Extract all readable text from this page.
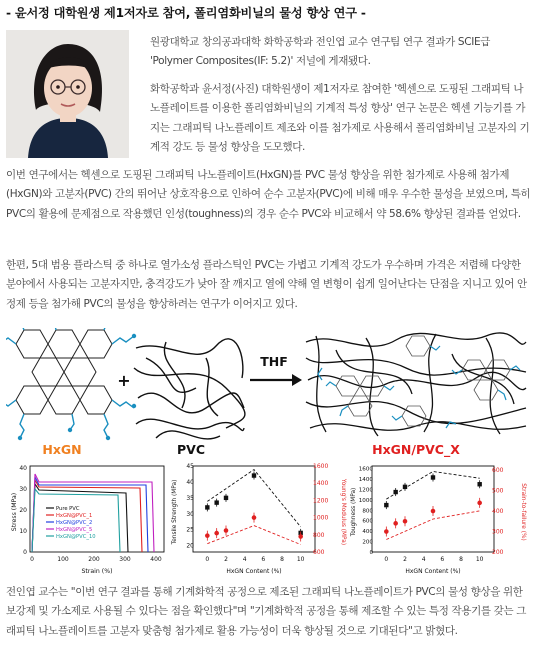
- 윤서정 대학원생 제1저자로 참여, 폴리염화비닐의 물성 향상 연구 -
원광대학교 창의공과대학 화학공학과 전인엽 교수 연구팀 연구 결과가 SCIE급 'Polymer Composites(IF: 5.2)' 저널에 게재됐다.
화학공학과 윤서정(사진) 대학원생이 제1저자로 참여한 '헥센으로 도핑된 그래피틱 나노플레이트를 이용한 폴리염화비닐의 기계적 특성 향상' 연구 논문은 헥센 기능기를 가지는 그래피틱 나노플레이트 제조와 이를 첨가제로 사용해서 폴리염화비닐 고분자의 기계적 강도 등 물성 향상을 도모했다.
이번 연구에서는 헥센으로 도핑된 그래피틱 나노플레이트(HxGN)를 PVC 물성 향상을 위한 첨가제로 사용해 첨가제(HxGN)와 고분자(PVC) 간의 뛰어난 상호작용으로 인하여 순수 고분자(PVC)에 비해 매우 우수한 물성을 보였으며, 특히 PVC의 활용에 문제점으로 작용했던 인성(toughness)의 경우 순수 PVC와 비교해서 약 58.6% 향상된 결과를 얻었다.
한편, 5대 범용 플라스틱 중 하나로 열가소성 플라스틱인 PVC는 가볍고 기계적 강도가 우수하며 가격은 저렴해 다양한 분야에서 사용되는 고분자지만, 충격강도가 낮아 잘 깨지고 열에 약해 열 변형이 쉽게 일어난다는 단점을 지니고 있어 안정제 등을 첨가해 PVC의 물성을 향상하려는 연구가 이어지고 있다.
HxGN
+
PVC
THF
HxGN/PVC_X
Stress (MPa)
Strain (%)
0
10
20
30
40
0	100	200	300	400
Pure PVC
HxGN@PVC_1
HxGN@PVC_2
HxGN@PVC_5
HxGN@PVC_10	Tensile Strength (MPa)	Young's Modulus (MPa)
HxGN Content (%)
20
25
30
35
40
45
600
800
1000
1200
1400
1600
0 2 4 6 8 10
Toughness (MPa)	Strain-to-failure (%)
HxGN Content (%)
0
200
400
600
800
1000
1200
1400
1600
200
300
400
500
600
0 2 4 6 8 10
전인엽 교수는 "이번 연구 결과를 통해 기계화학적 공정으로 제조된 그래피틱 나노플레이트가 PVC의 물성 향상을 위한 보강제 및 가소제로 사용될 수 있다는 점을 확인했다"며 "기계화학적 공정을 통해 제조할 수 있는 특정 작용기를 갖는 그래피틱 나노플레이트를 고분자 맞춤형 첨가제로 활용 가능성이 더욱 향상될 것으로 기대된다"고 밝혔다.
